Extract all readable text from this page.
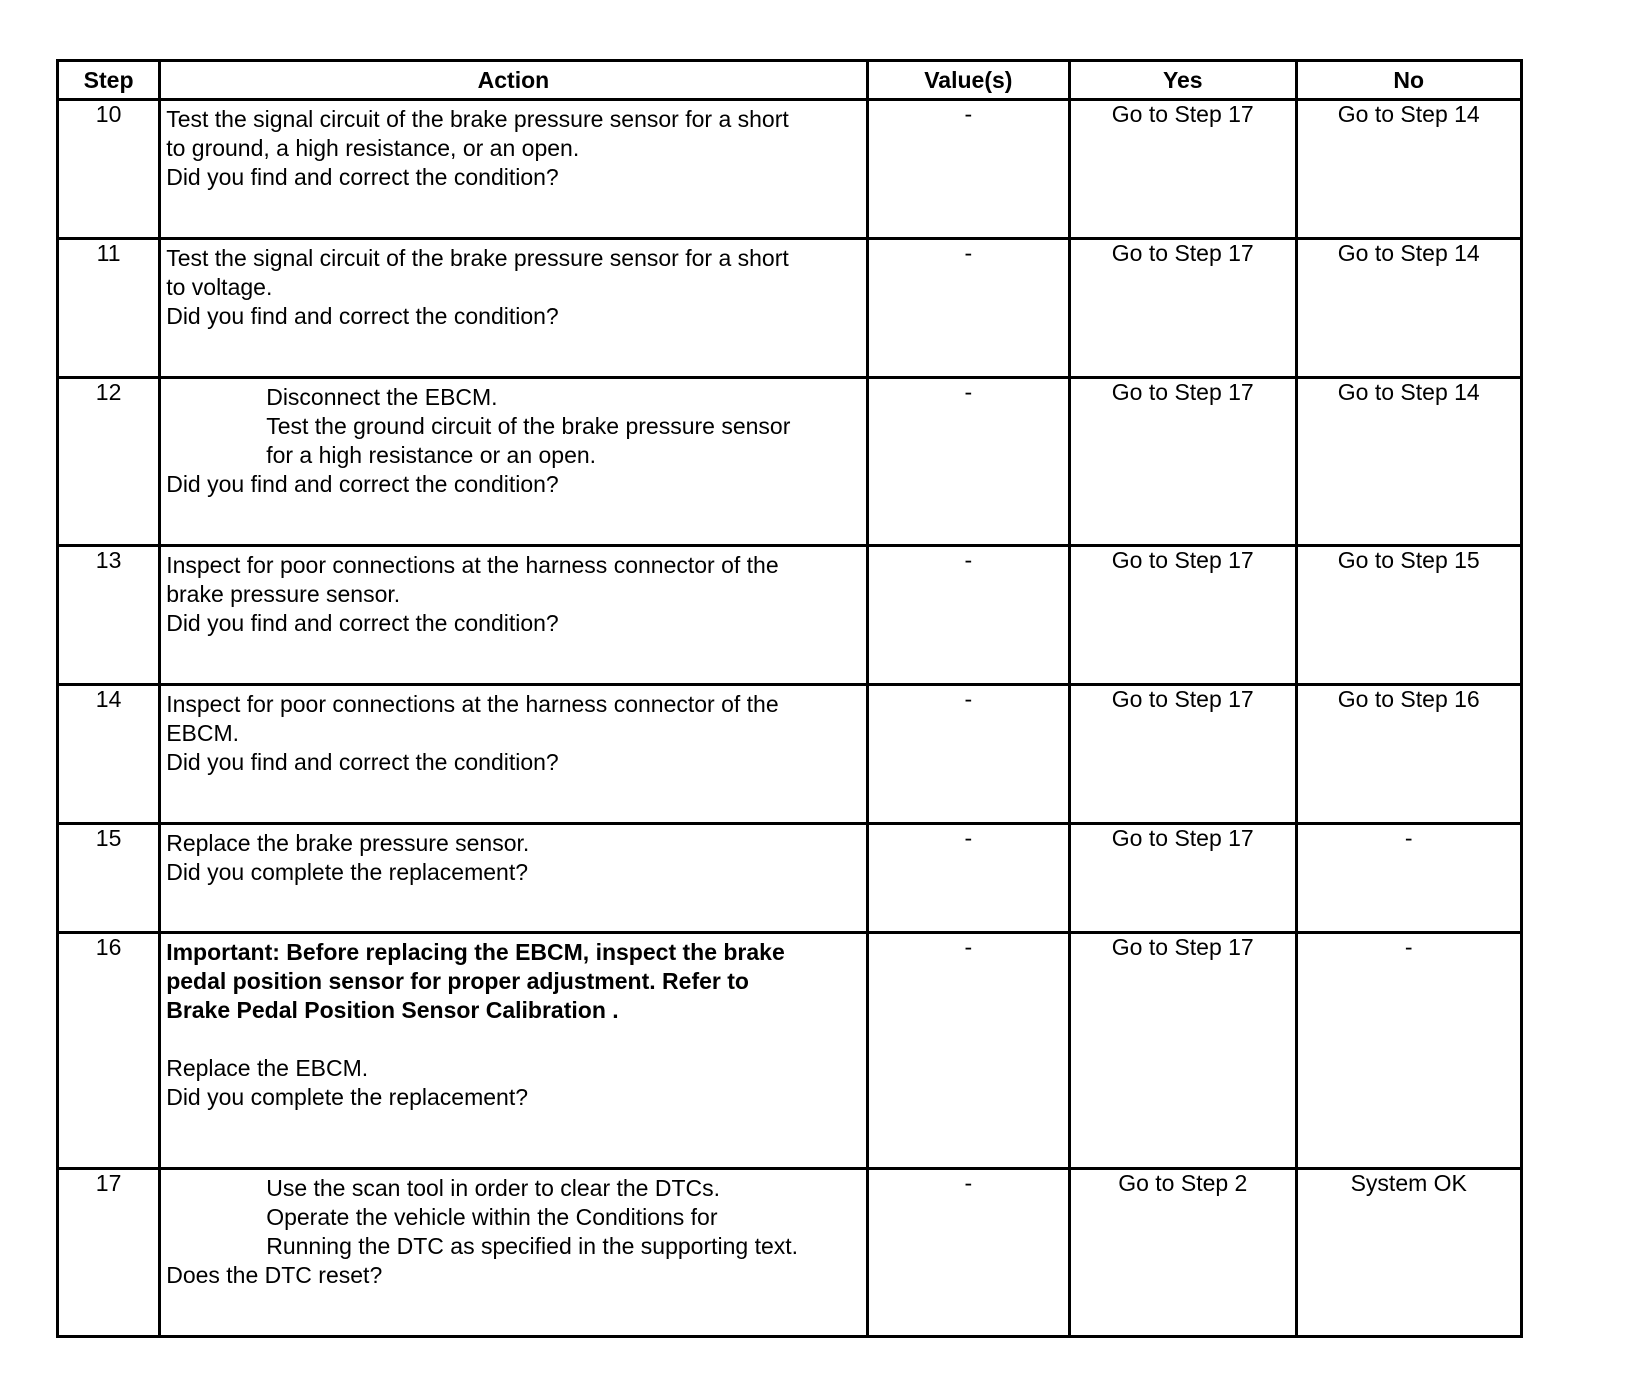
Step	Action	Value(s)	Yes	No
10	Test the signal circuit of the brake pressure sensor for a short
to ground, a high resistance, or an open.
Did you find and correct the condition?	-	Go to Step 17	Go to Step 14
11	Test the signal circuit of the brake pressure sensor for a short
to voltage.
Did you find and correct the condition?	-	Go to Step 17	Go to Step 14
12	Disconnect the EBCM.
Test the ground circuit of the brake pressure sensor
for a high resistance or an open.
Did you find and correct the condition?	-	Go to Step 17	Go to Step 14
13	Inspect for poor connections at the harness connector of the
brake pressure sensor.
Did you find and correct the condition?	-	Go to Step 17	Go to Step 15
14	Inspect for poor connections at the harness connector of the
EBCM.
Did you find and correct the condition?	-	Go to Step 17	Go to Step 16
15	Replace the brake pressure sensor.
Did you complete the replacement?	-	Go to Step 17	-
16	Important: Before replacing the EBCM, inspect the brake
pedal position sensor for proper adjustment. Refer to
Brake Pedal Position Sensor Calibration .
Replace the EBCM.
Did you complete the replacement?	-	Go to Step 17	-
17	Use the scan tool in order to clear the DTCs.
Operate the vehicle within the Conditions for
Running the DTC as specified in the supporting text.
Does the DTC reset?	-	Go to Step 2	System OK
